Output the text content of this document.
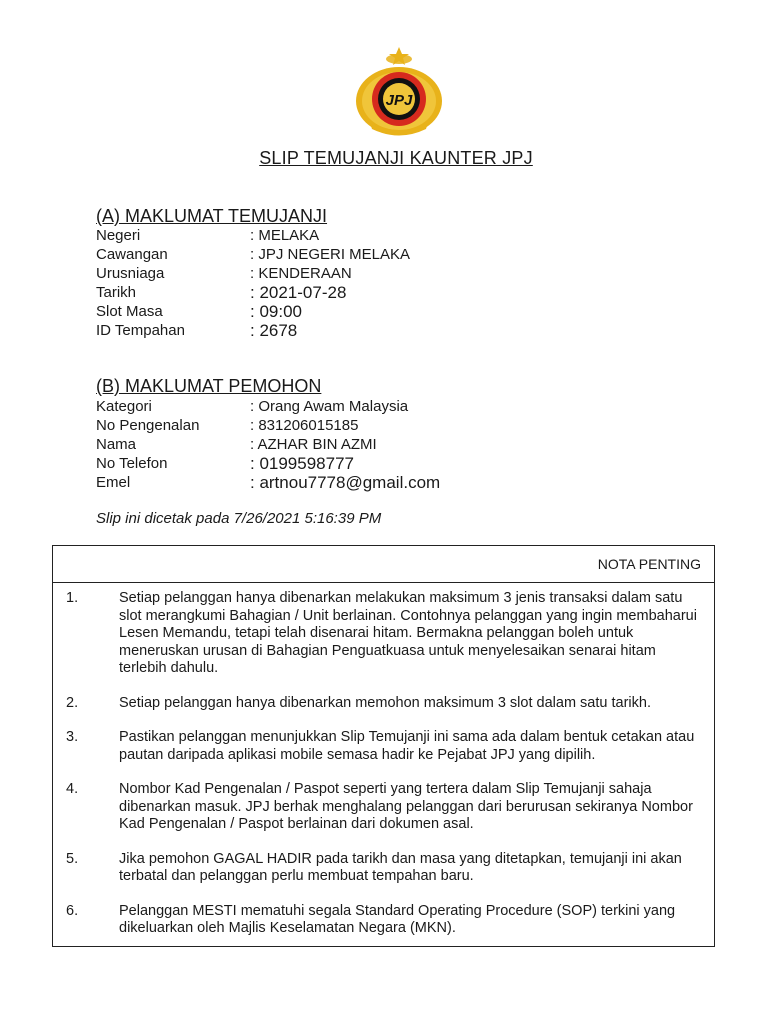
JPJ
SLIP TEMUJANJI KAUNTER JPJ
(A) MAKLUMAT TEMUJANJI
Negeri	: MELAKA
Cawangan	: JPJ NEGERI MELAKA
Urusniaga	: KENDERAAN
Tarikh	: 2021-07-28
Slot Masa	: 09:00
ID Tempahan	: 2678
(B) MAKLUMAT PEMOHON
Kategori	: Orang Awam Malaysia
No Pengenalan	: 831206015185
Nama	: AZHAR BIN AZMI
No Telefon	: 0199598777
Emel	: artnou7778@gmail.com
Slip ini dicetak pada 7/26/2021 5:16:39 PM
NOTA PENTING
1.	Setiap pelanggan hanya dibenarkan melakukan maksimum 3 jenis transaksi dalam satu slot merangkumi Bahagian / Unit berlainan. Contohnya pelanggan yang ingin membaharui Lesen Memandu, tetapi telah disenarai hitam. Bermakna pelanggan boleh untuk meneruskan urusan di Bahagian Penguatkuasa untuk menyelesaikan senarai hitam terlebih dahulu.
2.	Setiap pelanggan hanya dibenarkan memohon maksimum 3 slot dalam satu tarikh.
3.	Pastikan pelanggan menunjukkan Slip Temujanji ini sama ada dalam bentuk cetakan atau pautan daripada aplikasi mobile semasa hadir ke Pejabat JPJ yang dipilih.
4.	Nombor Kad Pengenalan / Paspot seperti yang tertera dalam Slip Temujanji sahaja dibenarkan masuk. JPJ berhak menghalang pelanggan dari berurusan sekiranya Nombor Kad Pengenalan / Paspot berlainan dari dokumen asal.
5.	Jika pemohon GAGAL HADIR pada tarikh dan masa yang ditetapkan, temujanji ini akan terbatal dan pelanggan perlu membuat tempahan baru.
6.	Pelanggan MESTI mematuhi segala Standard Operating Procedure (SOP) terkini yang dikeluarkan oleh Majlis Keselamatan Negara (MKN).
